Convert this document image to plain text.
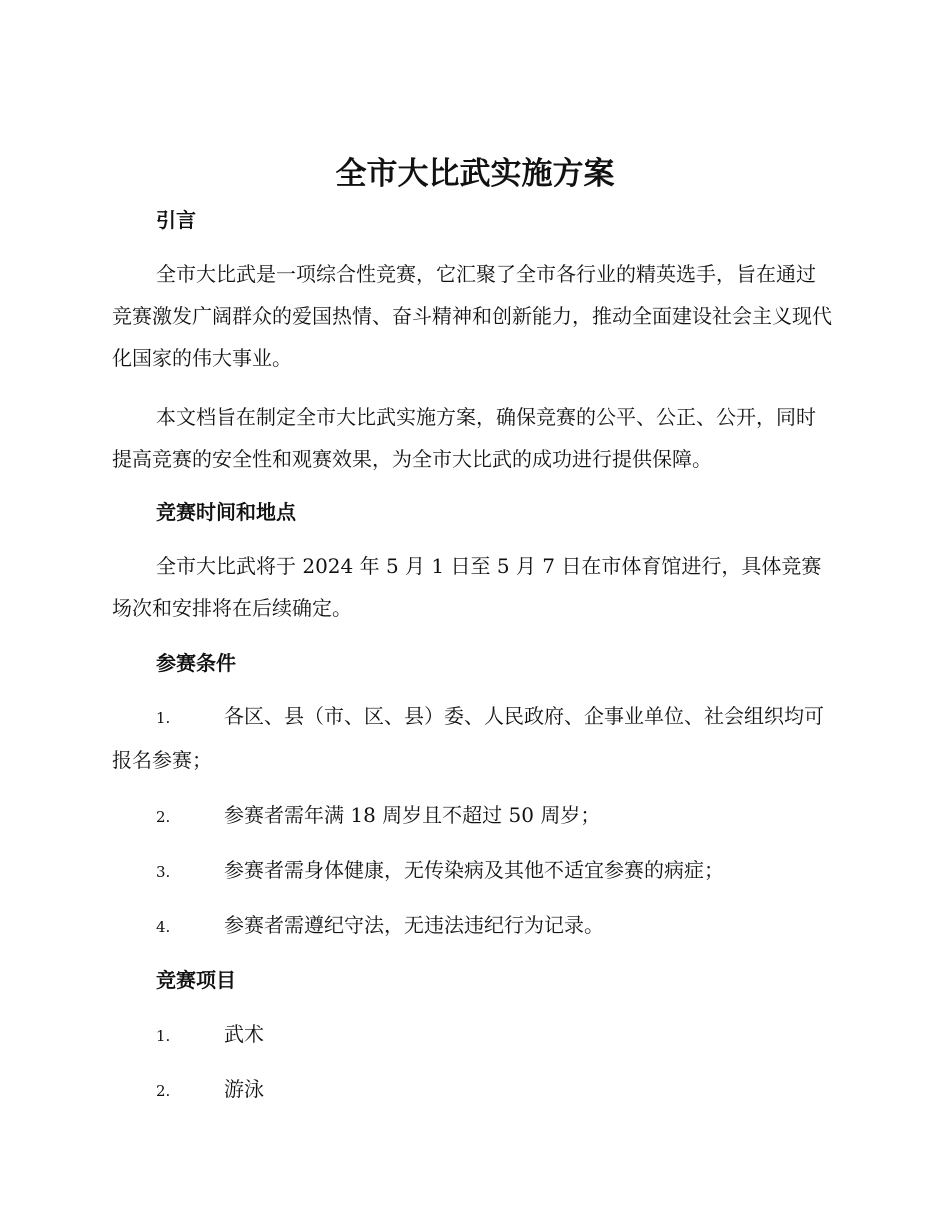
全市大比武实施方案
引言

全市大比武是一项综合性竞赛，它汇聚了全市各行业的精英选手，旨在通过竞赛激发广阔群众的爱国热情、奋斗精神和创新能力，推动全面建设社会主义现代化国家的伟大事业。

本文档旨在制定全市大比武实施方案，确保竞赛的公平、公正、公开，同时提高竞赛的安全性和观赛效果，为全市大比武的成功进行提供保障。

竞赛时间和地点

全市大比武将于 2024 年 5 月 1 日至 5 月 7 日在市体育馆进行，具体竞赛场次和安排将在后续确定。

参赛条件
1.	各区、县（市、区、县）委、人民政府、企事业单位、社会组织均可报名参赛；
2.	参赛者需年满 18 周岁且不超过 50 周岁；
3.	参赛者需身体健康，无传染病及其他不适宜参赛的病症；
4.	参赛者需遵纪守法，无违法违纪行为记录。
竞赛项目
1.	武术
2.	游泳
